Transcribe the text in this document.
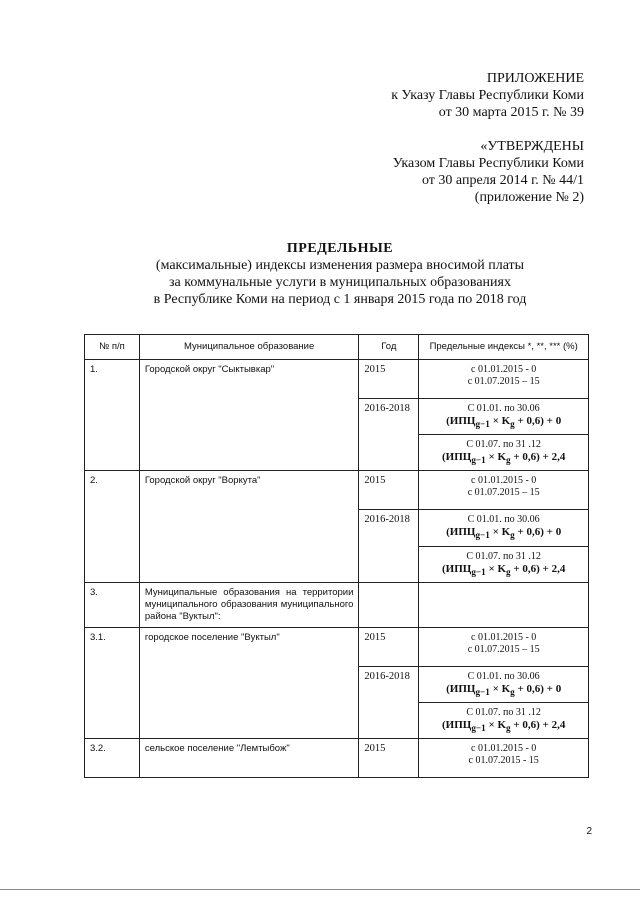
ПРИЛОЖЕНИЕ
к Указу Главы Республики Коми
от 30 марта 2015 г. № 39
«УТВЕРЖДЕНЫ
Указом Главы Республики Коми
от 30 апреля 2014 г. № 44/1
(приложение № 2)
ПРЕДЕЛЬНЫЕ
(максимальные) индексы изменения размера вносимой платы
за коммунальные услуги в муниципальных образованиях
в Республике Коми на период с 1 января 2015 года по 2018 год
№ п/п	Муниципальное образование	Год	Предельные индексы *, **, *** (%)
1.	Городской округ "Сыктывкар"	2015	с 01.01.2015 - 0
с 01.07.2015 – 15

		2016-2018	С 01.01. по 30.06
$(ИПЦ_{g-1} \times K_g + 0,6) + 0$

			С 01.07. по 31 .12
$(ИПЦ_{g-1} \times K_g + 0,6) + 2,4$

2.	Городской округ "Воркута"	2015	с 01.01.2015 - 0
с 01.07.2015 – 15

		2016-2018	С 01.01. по 30.06
$(ИПЦ_{g-1} \times K_g + 0,6) + 0$

			С 01.07. по 31 .12
$(ИПЦ_{g-1} \times K_g + 0,6) + 2,4$

3.	Муниципальные образования на территории муниципального образования муниципального района "Вуктыл":		
3.1.	городское поселение "Вуктыл"	2015	с 01.01.2015 - 0
с 01.07.2015 – 15

		2016-2018	С 01.01. по 30.06
$(ИПЦ_{g-1} \times K_g + 0,6) + 0$

			С 01.07. по 31 .12
$(ИПЦ_{g-1} \times K_g + 0,6) + 2,4$

3.2.	сельское поселение "Лемтыбож"	2015	с 01.01.2015 - 0
с 01.07.2015 - 15
2
